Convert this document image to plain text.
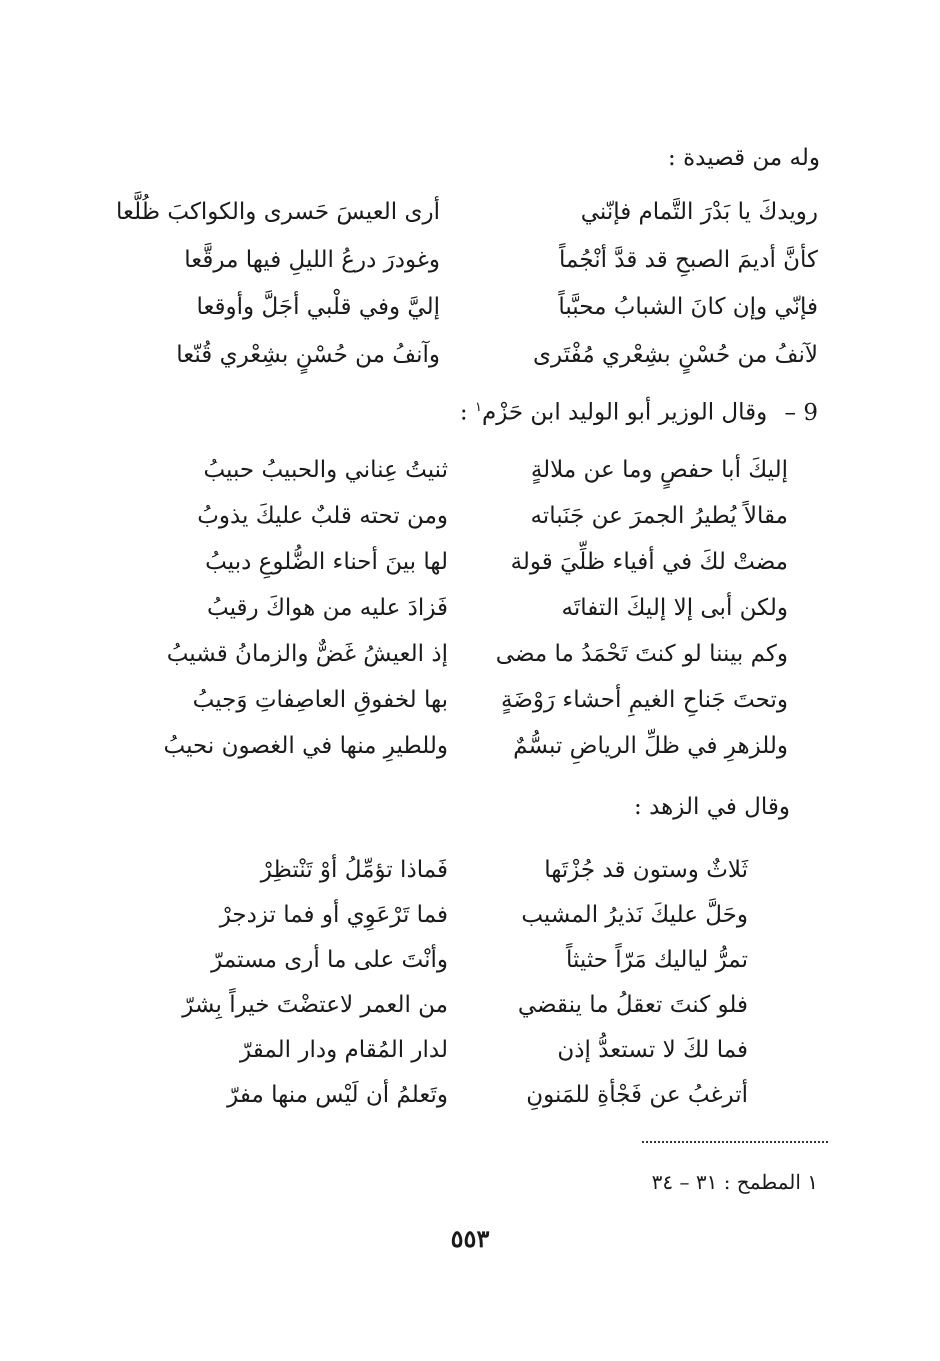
وله من قصيدة :
رويدكَ يا بَدْرَ التَّمام فإنّني
أرى العيسَ حَسرى والكواكبَ ظُلَّعا
كأنَّ أديمَ الصبحِ قد قدَّ أنْجُماً
وغودرَ درعُ الليلِ فيها مرقَّعا
فإنّي وإن كانَ الشبابُ محبَّباً
إليَّ وفي قلْبي أجَلَّ وأوقعا
لآنفُ من حُسْنٍ بشِعْري مُفْتَرى
وآنفُ من حُسْنٍ بشِعْري قُنّعا
9 – وقال الوزير أبو الوليد ابن حَزْم$^١$ :
إليكَ أبا حفصٍ وما عن ملالةٍ
ثنيتُ عِناني والحبيبُ حبيبُ
مقالاً يُطيرُ الجمرَ عن جَنَباته
ومن تحته قلبٌ عليكَ يذوبُ
مضتْ لكَ في أفياء ظلِّيَ قولة
لها بينَ أحناء الضُّلوعِ دبيبُ
ولكن أبى إلا إليكَ التفاتَه
فَزادَ عليه من هواكَ رقيبُ
وكم بيننا لو كنتَ تَحْمَدُ ما مضى
إذ العيشُ غَضٌّ والزمانُ قشيبُ
وتحتَ جَناحِ الغيمِ أحشاء رَوْضَةٍ
بها لخفوقِ العاصِفاتِ وَجيبُ
وللزهرِ في ظلِّ الرياضِ تبسُّمٌ
وللطيرِ منها في الغصون نحيبُ
وقال في الزهد :
ثَلاثٌ وستون قد جُزْتَها
فَماذا تؤمِّلُ أوْ تَنْتظِرْ
وحَلَّ عليكَ نَذيرُ المشيب
فما تَرْعَوِي أو فما تزدجرْ
تمرُّ لياليك مَرّاً حثيثاً
وأنْتَ على ما أرى مستمرّ
فلو كنتَ تعقلُ ما ينقضي
من العمر لاعتضْتَ خيراً بِشرّ
فما لكَ لا تستعدُّ إذن
لدار المُقام ودار المقرّ
أترغبُ عن فَجْأةِ للمَنونِ
وتَعلمُ أن لَيْس منها مفرّ
١ المطمح : ٣١ – ٣٤
٥٥٣
